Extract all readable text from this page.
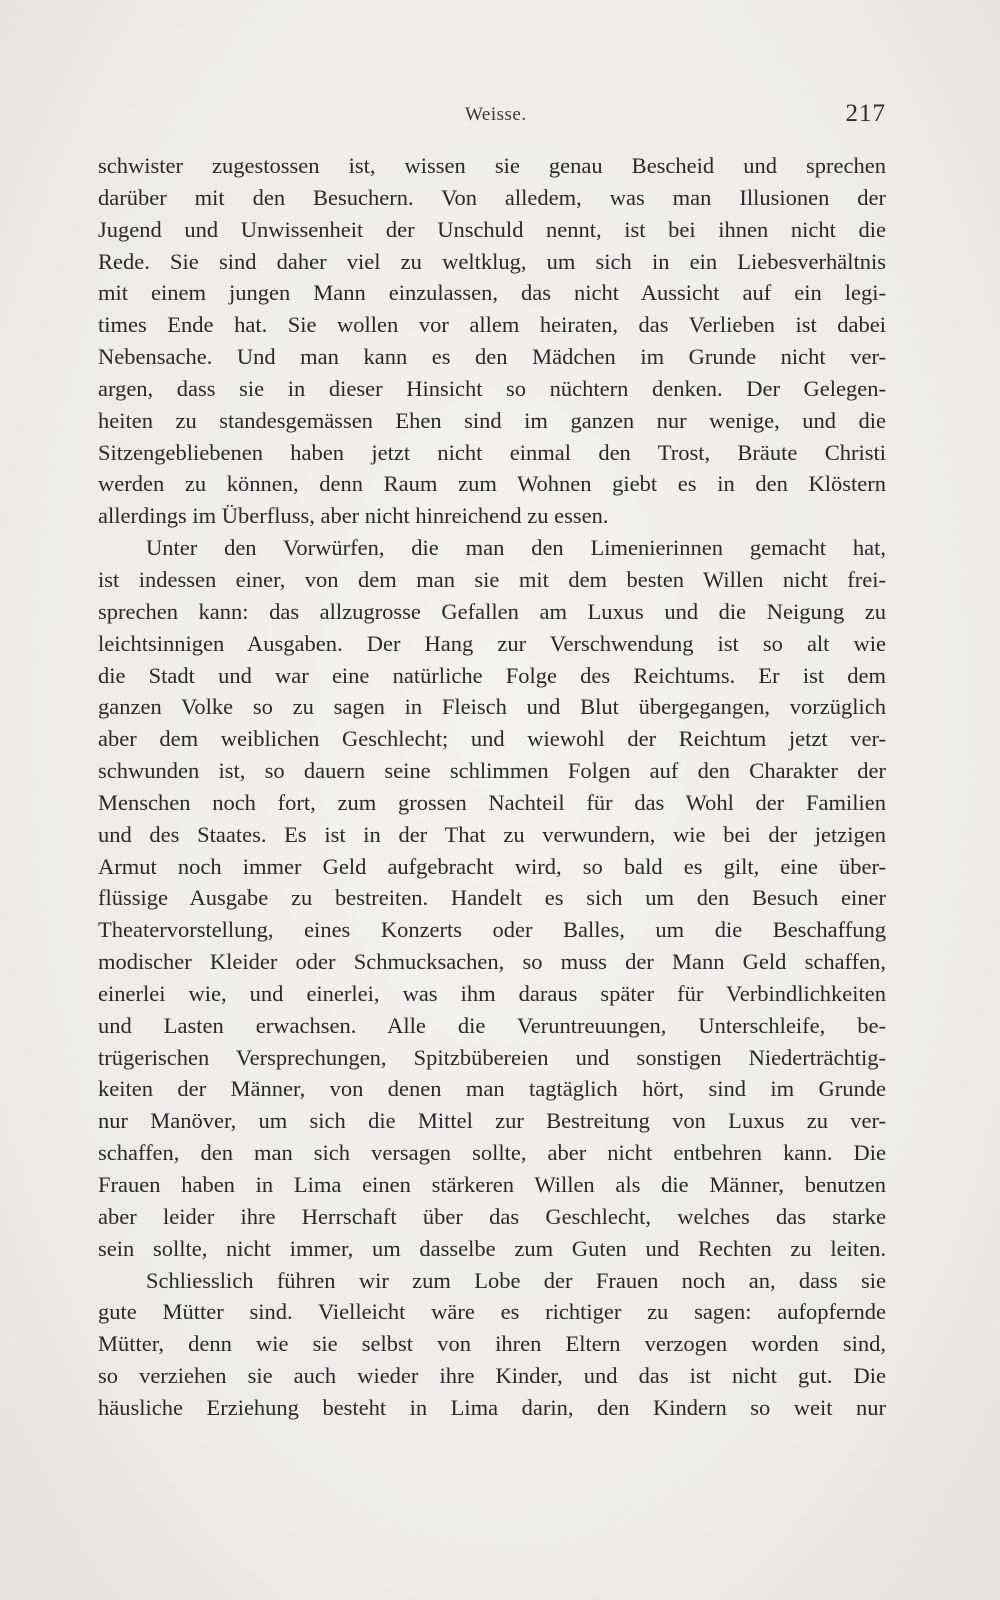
Weisse.	217
schwister zugestossen ist, wissen sie genau Bescheid und sprechen
darüber mit den Besuchern. Von alledem, was man Illusionen der
Jugend und Unwissenheit der Unschuld nennt, ist bei ihnen nicht die
Rede. Sie sind daher viel zu weltklug, um sich in ein Liebesverhältnis
mit einem jungen Mann einzulassen, das nicht Aussicht auf ein legi-
times Ende hat. Sie wollen vor allem heiraten, das Verlieben ist dabei
Nebensache. Und man kann es den Mädchen im Grunde nicht ver-
argen, dass sie in dieser Hinsicht so nüchtern denken. Der Gelegen-
heiten zu standesgemässen Ehen sind im ganzen nur wenige, und die
Sitzengebliebenen haben jetzt nicht einmal den Trost, Bräute Christi
werden zu können, denn Raum zum Wohnen giebt es in den Klöstern
allerdings im Überfluss, aber nicht hinreichend zu essen.
Unter den Vorwürfen, die man den Limenierinnen gemacht hat,
ist indessen einer, von dem man sie mit dem besten Willen nicht frei-
sprechen kann: das allzugrosse Gefallen am Luxus und die Neigung zu
leichtsinnigen Ausgaben. Der Hang zur Verschwendung ist so alt wie
die Stadt und war eine natürliche Folge des Reichtums. Er ist dem
ganzen Volke so zu sagen in Fleisch und Blut übergegangen, vorzüglich
aber dem weiblichen Geschlecht; und wiewohl der Reichtum jetzt ver-
schwunden ist, so dauern seine schlimmen Folgen auf den Charakter der
Menschen noch fort, zum grossen Nachteil für das Wohl der Familien
und des Staates. Es ist in der That zu verwundern, wie bei der jetzigen
Armut noch immer Geld aufgebracht wird, so bald es gilt, eine über-
flüssige Ausgabe zu bestreiten. Handelt es sich um den Besuch einer
Theatervorstellung, eines Konzerts oder Balles, um die Beschaffung
modischer Kleider oder Schmucksachen, so muss der Mann Geld schaffen,
einerlei wie, und einerlei, was ihm daraus später für Verbindlichkeiten
und Lasten erwachsen. Alle die Veruntreuungen, Unterschleife, be-
trügerischen Versprechungen, Spitzbübereien und sonstigen Niederträchtig-
keiten der Männer, von denen man tagtäglich hört, sind im Grunde
nur Manöver, um sich die Mittel zur Bestreitung von Luxus zu ver-
schaffen, den man sich versagen sollte, aber nicht entbehren kann. Die
Frauen haben in Lima einen stärkeren Willen als die Männer, benutzen
aber leider ihre Herrschaft über das Geschlecht, welches das starke
sein sollte, nicht immer, um dasselbe zum Guten und Rechten zu leiten.
Schliesslich führen wir zum Lobe der Frauen noch an, dass sie
gute Mütter sind. Vielleicht wäre es richtiger zu sagen: aufopfernde
Mütter, denn wie sie selbst von ihren Eltern verzogen worden sind,
so verziehen sie auch wieder ihre Kinder, und das ist nicht gut. Die
häusliche Erziehung besteht in Lima darin, den Kindern so weit nur
